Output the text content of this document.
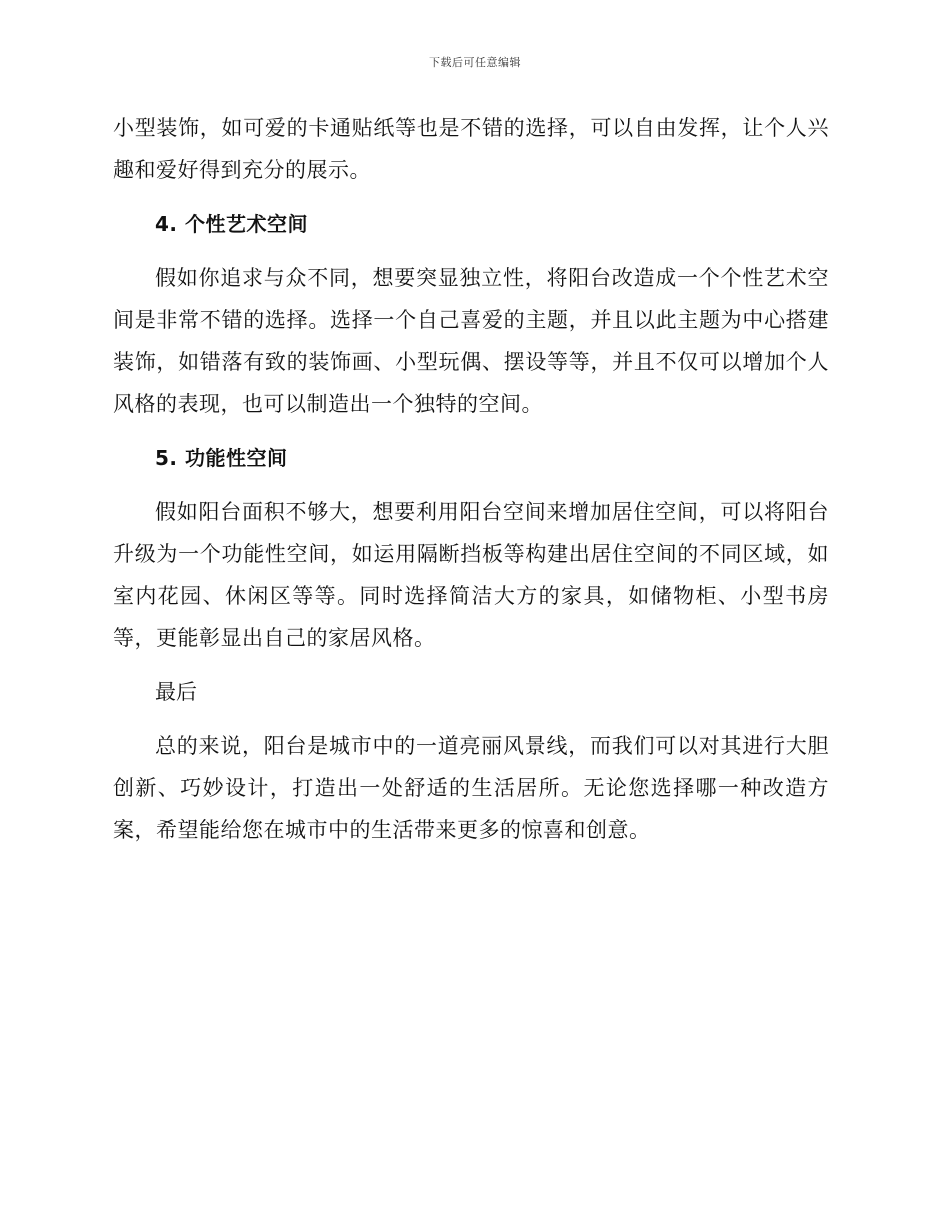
下载后可任意编辑

小型装饰，如可爱的卡通贴纸等也是不错的选择，可以自由发挥，让个人兴趣和爱好得到充分的展示。

4. 个性艺术空间

假如你追求与众不同，想要突显独立性，将阳台改造成一个个性艺术空间是非常不错的选择。选择一个自己喜爱的主题，并且以此主题为中心搭建装饰，如错落有致的装饰画、小型玩偶、摆设等等，并且不仅可以增加个人风格的表现，也可以制造出一个独特的空间。

5. 功能性空间

假如阳台面积不够大，想要利用阳台空间来增加居住空间，可以将阳台升级为一个功能性空间，如运用隔断挡板等构建出居住空间的不同区域，如室内花园、休闲区等等。同时选择简洁大方的家具，如储物柜、小型书房等，更能彰显出自己的家居风格。

最后

总的来说，阳台是城市中的一道亮丽风景线，而我们可以对其进行大胆创新、巧妙设计，打造出一处舒适的生活居所。无论您选择哪一种改造方案，希望能给您在城市中的生活带来更多的惊喜和创意。
